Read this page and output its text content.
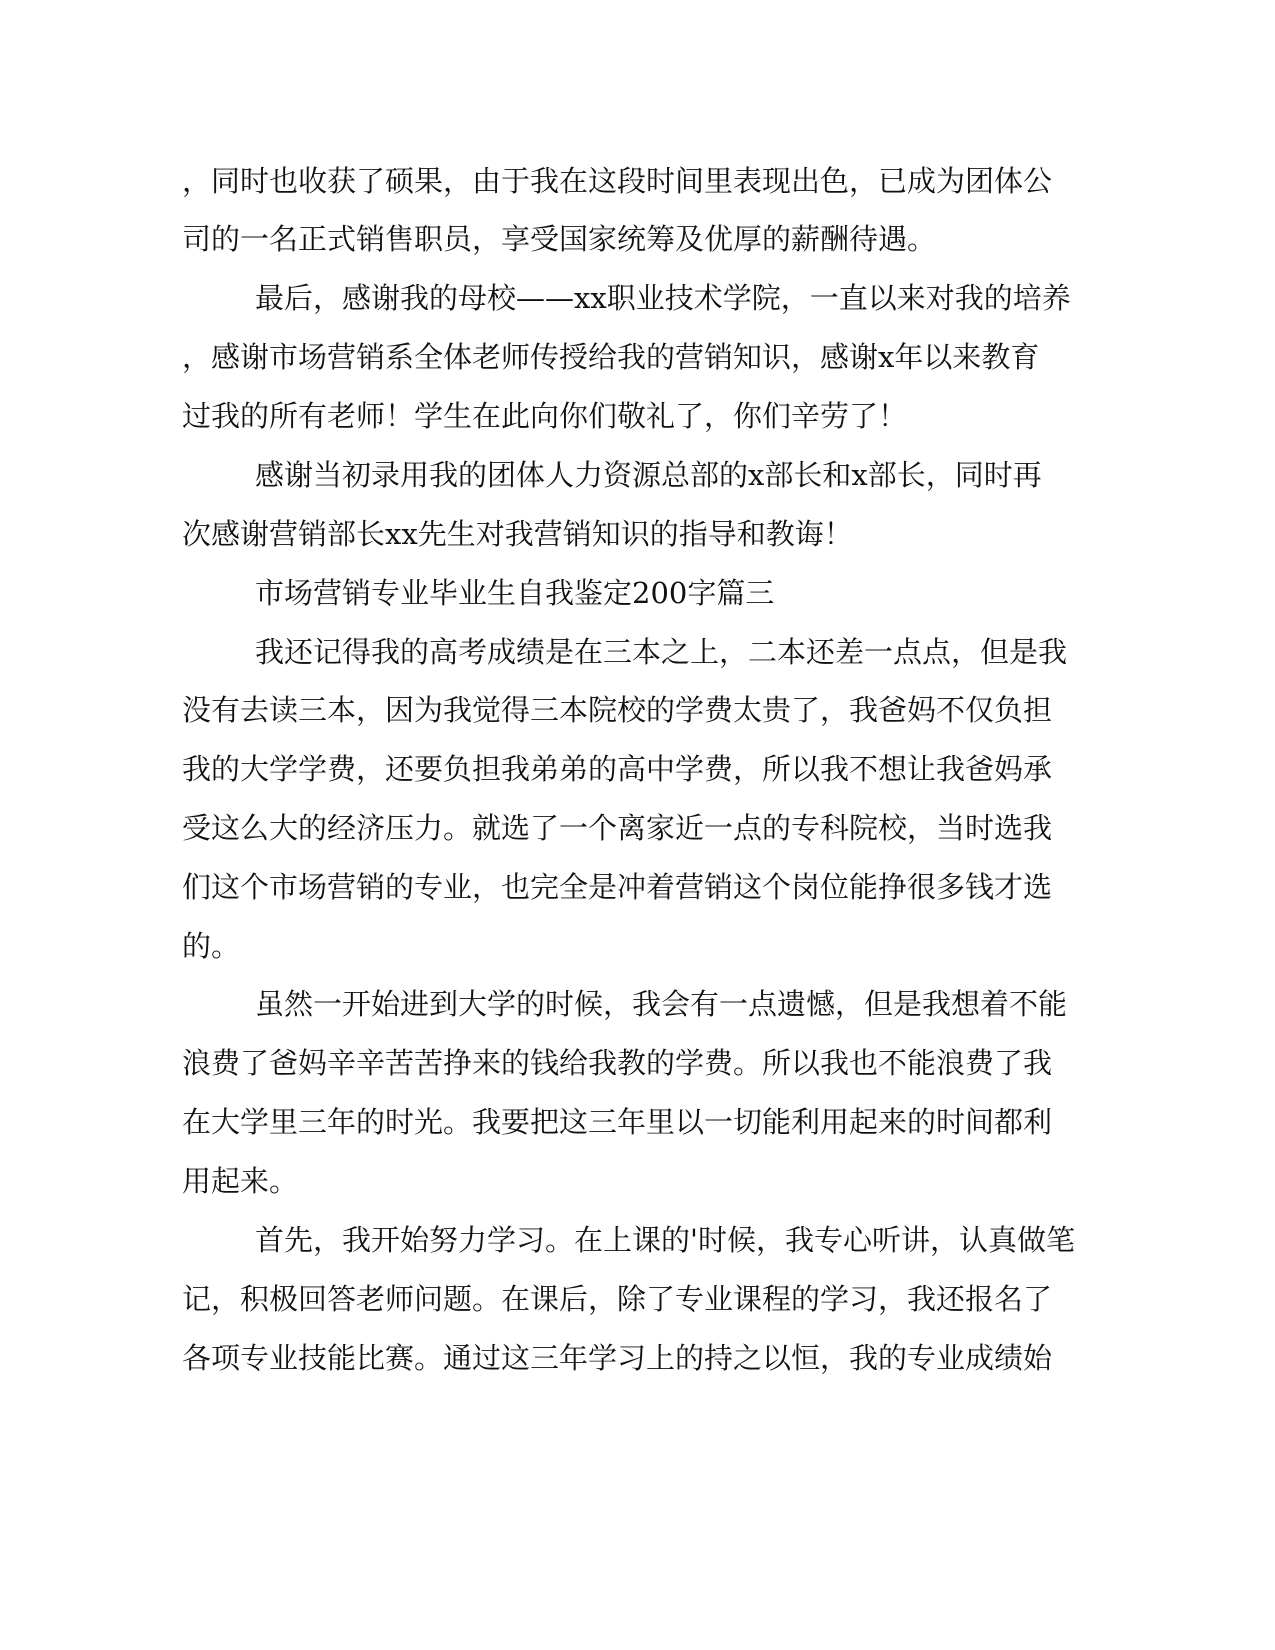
，同时也收获了硕果，由于我在这段时间里表现出色，已成为团体公
司的一名正式销售职员，享受国家统筹及优厚的薪酬待遇。
最后，感谢我的母校——xx职业技术学院，一直以来对我的培养
，感谢市场营销系全体老师传授给我的营销知识，感谢x年以来教育
过我的所有老师！学生在此向你们敬礼了，你们辛劳了！
感谢当初录用我的团体人力资源总部的x部长和x部长，同时再
次感谢营销部长xx先生对我营销知识的指导和教诲！
市场营销专业毕业生自我鉴定200字篇三
我还记得我的高考成绩是在三本之上，二本还差一点点，但是我
没有去读三本，因为我觉得三本院校的学费太贵了，我爸妈不仅负担
我的大学学费，还要负担我弟弟的高中学费，所以我不想让我爸妈承
受这么大的经济压力。就选了一个离家近一点的专科院校，当时选我
们这个市场营销的专业，也完全是冲着营销这个岗位能挣很多钱才选
的。
虽然一开始进到大学的时候，我会有一点遗憾，但是我想着不能
浪费了爸妈辛辛苦苦挣来的钱给我教的学费。所以我也不能浪费了我
在大学里三年的时光。我要把这三年里以一切能利用起来的时间都利
用起来。
首先，我开始努力学习。在上课的'时候，我专心听讲，认真做笔
记，积极回答老师问题。在课后，除了专业课程的学习，我还报名了
各项专业技能比赛。通过这三年学习上的持之以恒，我的专业成绩始
